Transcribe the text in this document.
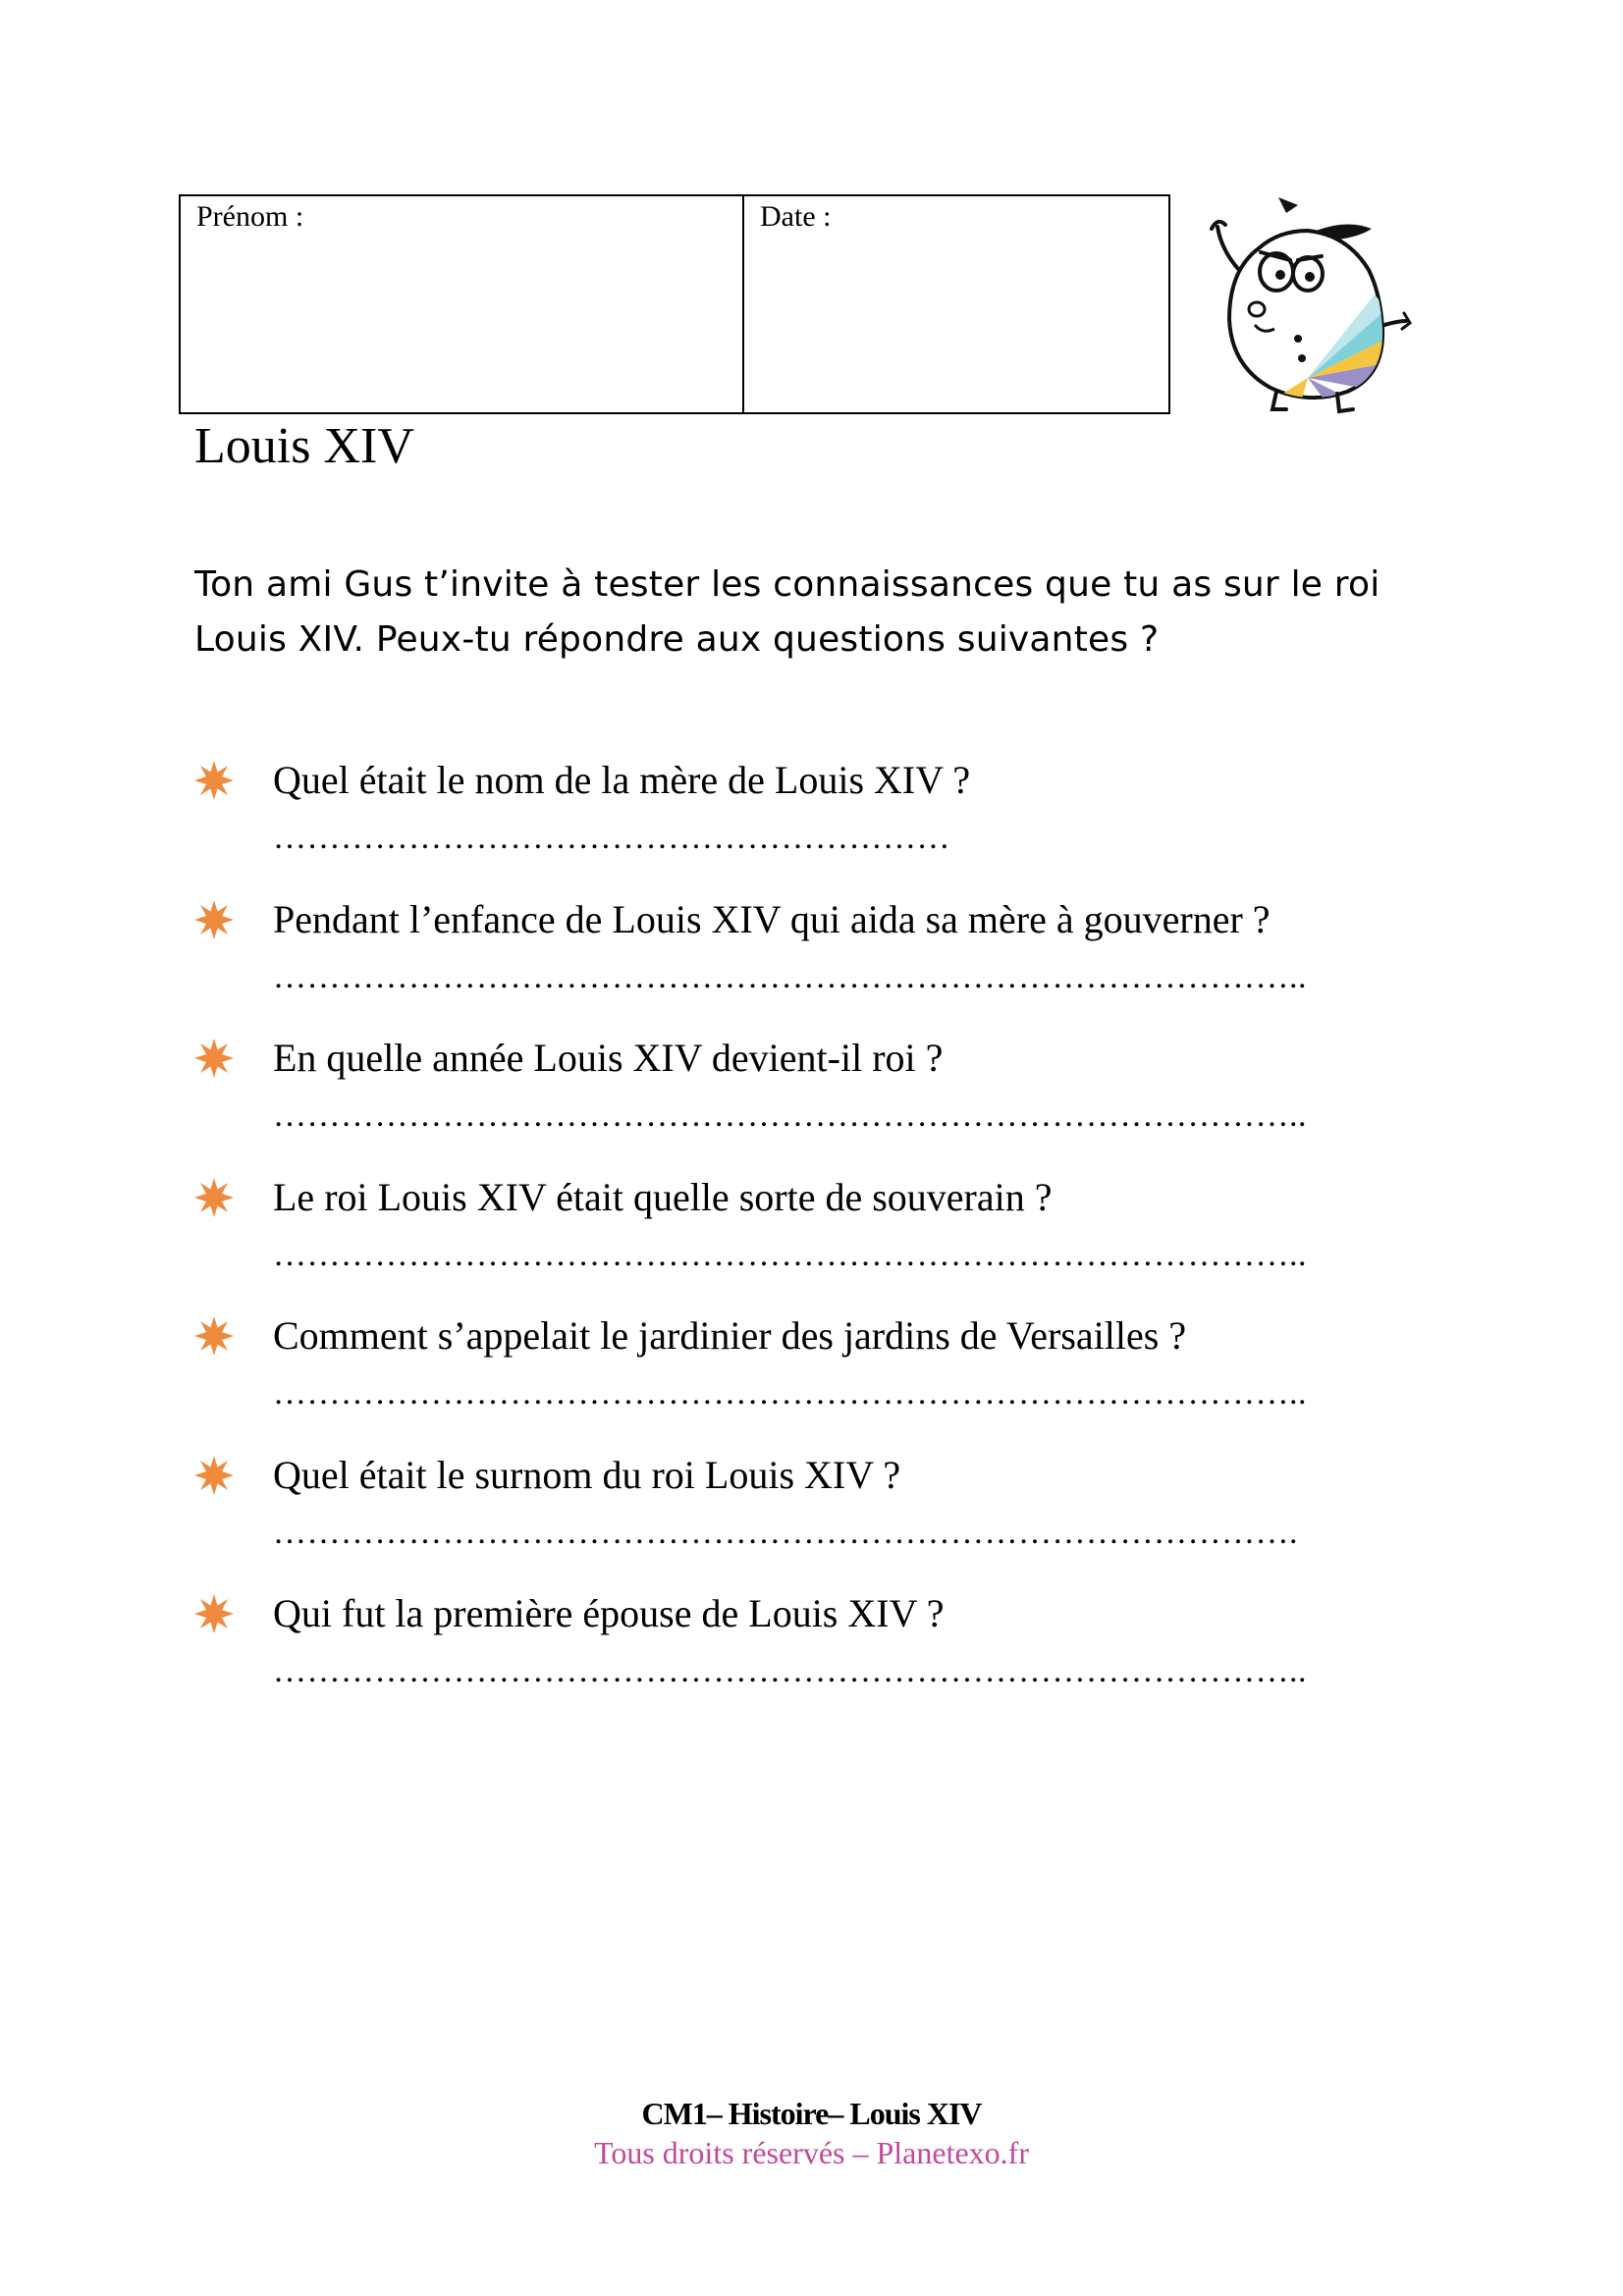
Prénom :	Date :
Louis XIV

Ton ami Gus t’invite à tester les connaissances que tu as sur le roi Louis XIV. Peux-tu répondre aux questions suivantes ?

Quel était le nom de la mère de Louis XIV ?
……………………………………………………
Pendant l’enfance de Louis XIV qui aida sa mère à gouverner ?
………………………………………………………………………………..
En quelle année Louis XIV devient-il roi ?
………………………………………………………………………………..
Le roi Louis XIV était quelle sorte de souverain ?
………………………………………………………………………………..
Comment s’appelait le jardinier des jardins de Versailles ?
………………………………………………………………………………..
Quel était le surnom du roi Louis XIV ?
……………………………………………………………………………….
Qui fut la première épouse de Louis XIV ?
………………………………………………………………………………..
CM1– Histoire– Louis XIV
Tous droits réservés – Planetexo.fr
